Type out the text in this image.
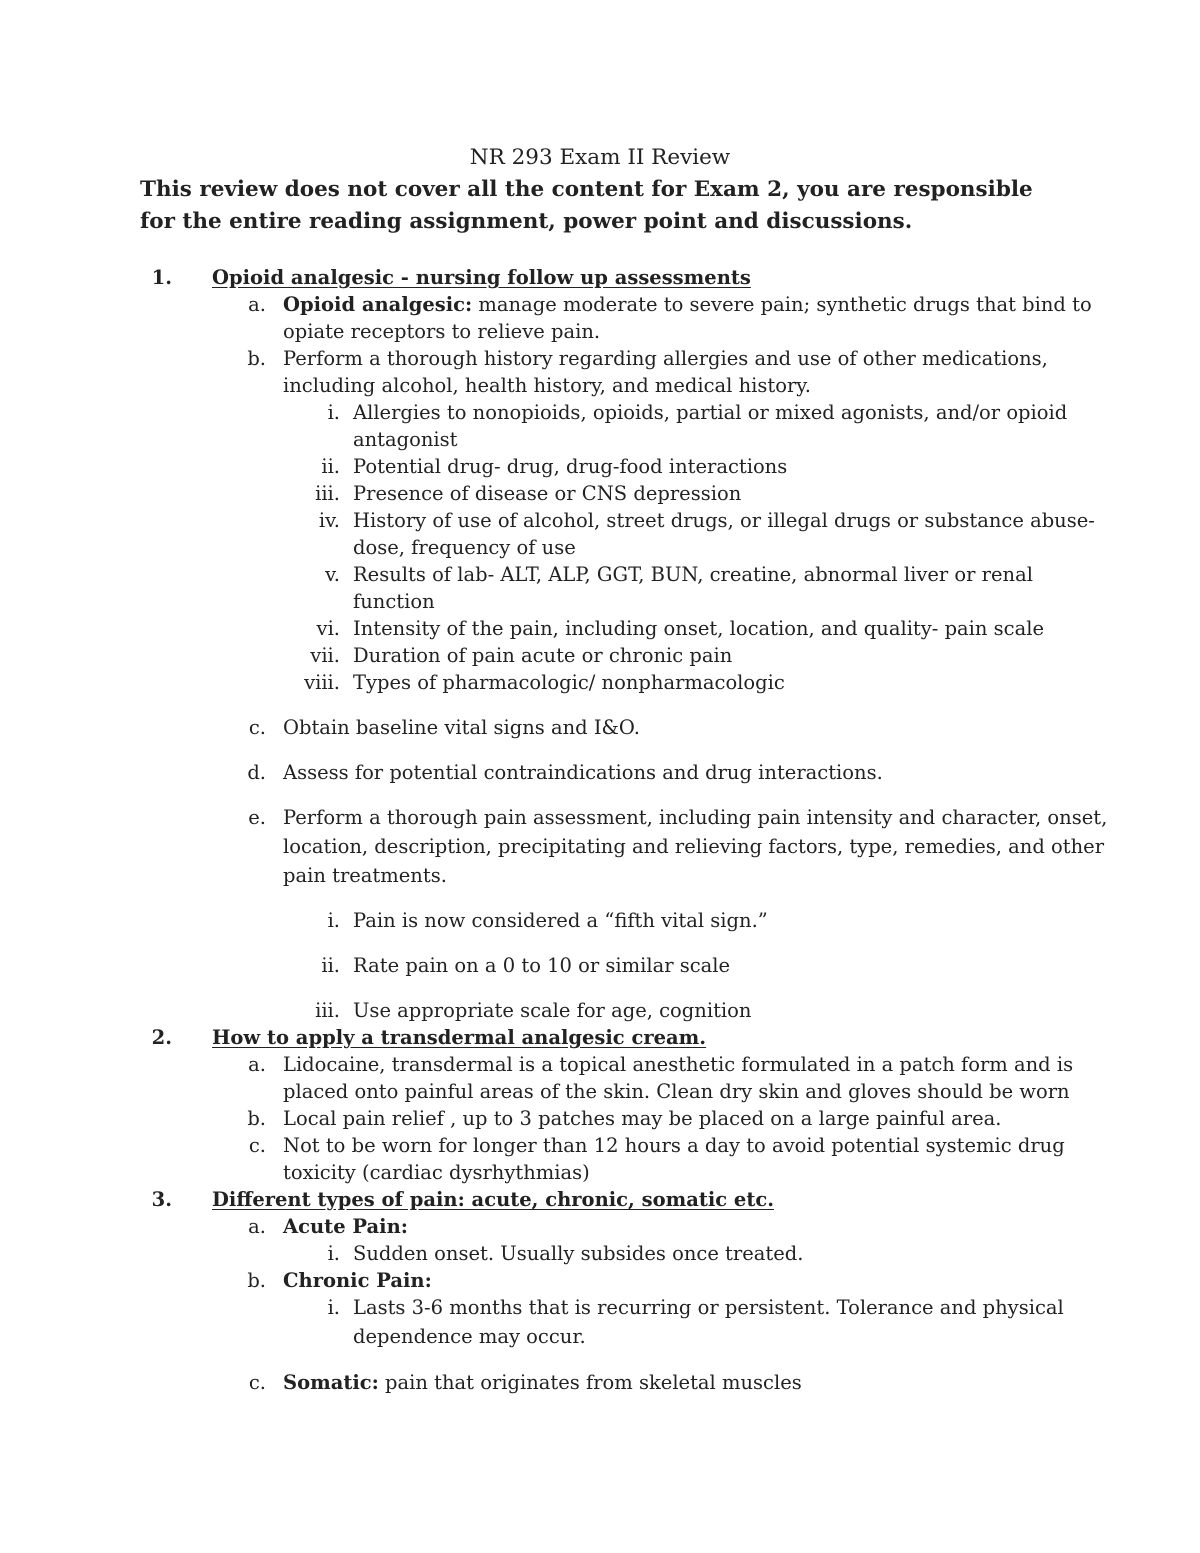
NR 293 Exam II Review
This review does not cover all the content for Exam 2, you are responsible for the entire reading assignment, power point and discussions.
1. Opioid analgesic - nursing follow up assessments
a. Opioid analgesic: manage moderate to severe pain; synthetic drugs that bind to
opiate receptors to relieve pain.
b. Perform a thorough history regarding allergies and use of other medications,
including alcohol, health history, and medical history.
i. Allergies to nonopioids, opioids, partial or mixed agonists, and/or opioid
antagonist
ii. Potential drug- drug, drug-food interactions
iii. Presence of disease or CNS depression
iv. History of use of alcohol, street drugs, or illegal drugs or substance abuse-
dose, frequency of use
v. Results of lab- ALT, ALP, GGT, BUN, creatine, abnormal liver or renal
function
vi. Intensity of the pain, including onset, location, and quality- pain scale
vii. Duration of pain acute or chronic pain
viii. Types of pharmacologic/ nonpharmacologic
c. Obtain baseline vital signs and I&O.
d. Assess for potential contraindications and drug interactions.
e. Perform a thorough pain assessment, including pain intensity and character, onset,
location, description, precipitating and relieving factors, type, remedies, and other
pain treatments.
i. Pain is now considered a “fifth vital sign.”
ii. Rate pain on a 0 to 10 or similar scale
iii. Use appropriate scale for age, cognition
2. How to apply a transdermal analgesic cream.
a. Lidocaine, transdermal is a topical anesthetic formulated in a patch form and is
placed onto painful areas of the skin. Clean dry skin and gloves should be worn
b. Local pain relief , up to 3 patches may be placed on a large painful area.
c. Not to be worn for longer than 12 hours a day to avoid potential systemic drug
toxicity (cardiac dysrhythmias)
3. Different types of pain: acute, chronic, somatic etc.
a. Acute Pain:
i. Sudden onset. Usually subsides once treated.
b. Chronic Pain:
i. Lasts 3-6 months that is recurring or persistent. Tolerance and physical
dependence may occur.
c. Somatic: pain that originates from skeletal muscles
